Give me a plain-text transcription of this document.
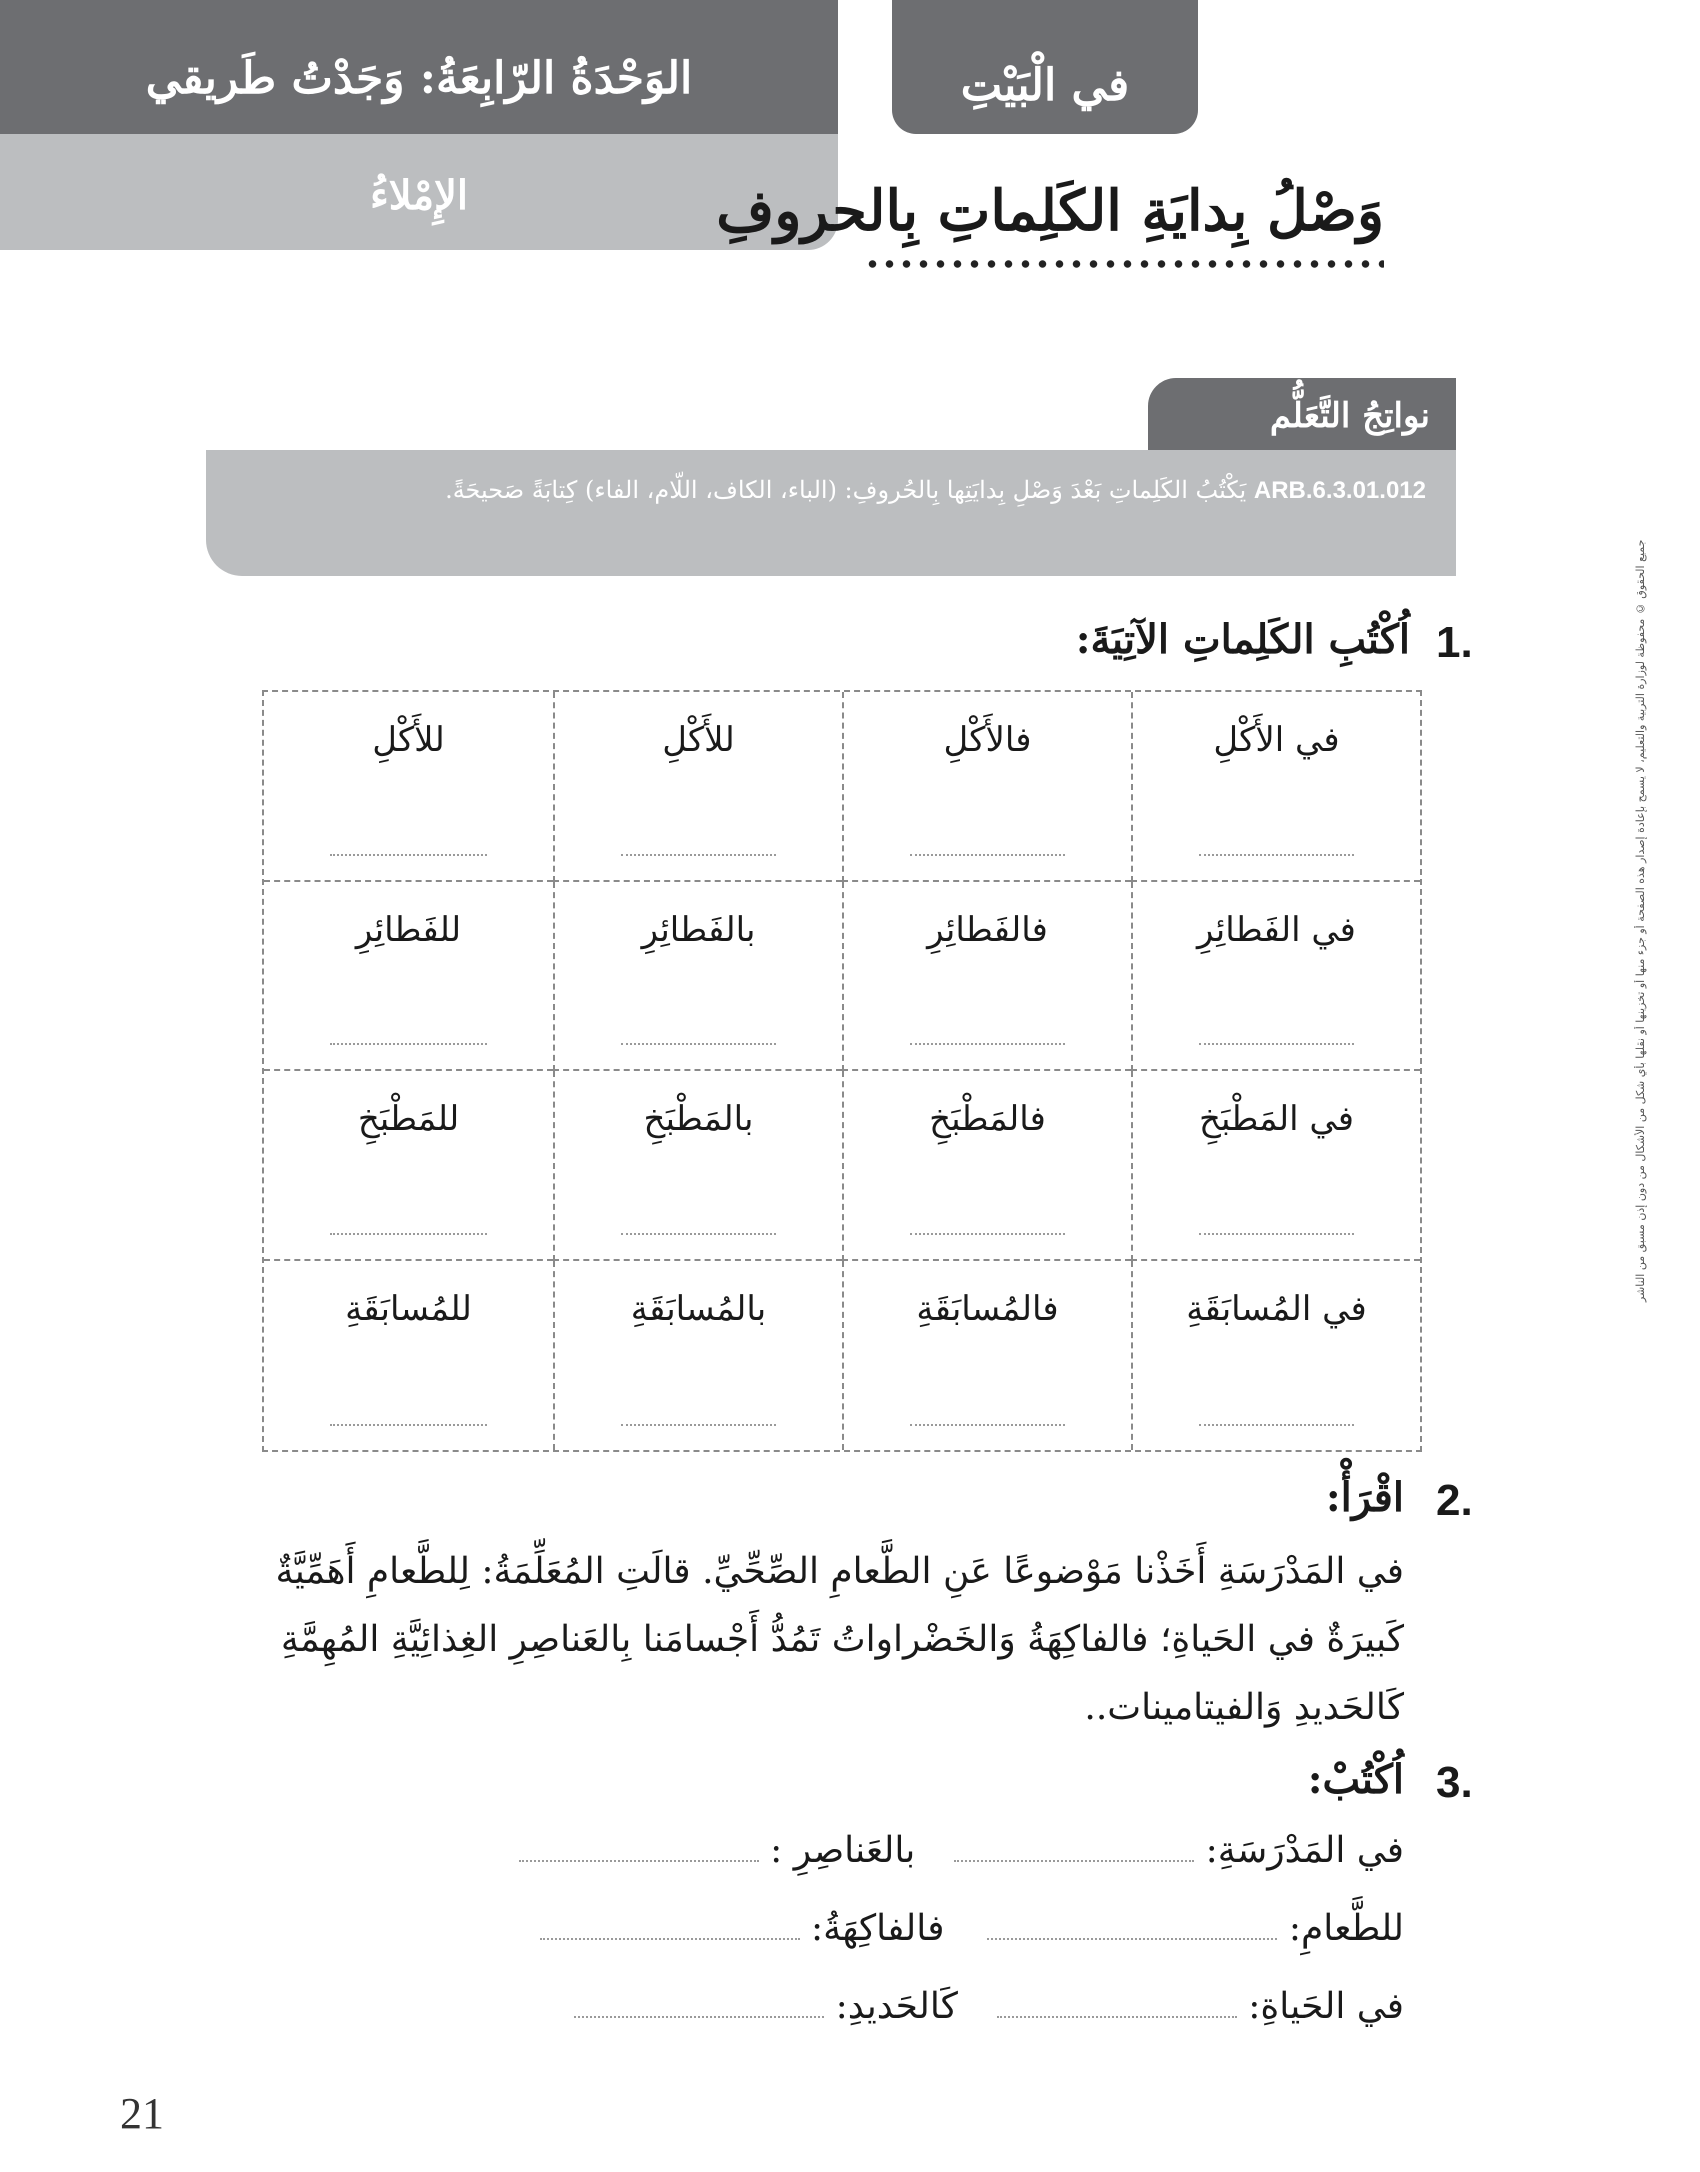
الوَحْدَةُ الرّابِعَةُ: وَجَدْتُ طَريقي
الإِمْلاءُ
في الْبَيْتِ
وَصْلُ بِدايَةِ الكَلِماتِ بِالحروفِ
نواتِجُ التَّعَلُّم
ARB.6.3.01.012 يَكْتُبُ الكَلِماتِ بَعْدَ وَصْلِ بِدايَتِها بِالحُروفِ: (الباء، الكاف، اللّام، الفاء) كِتابَةً صَحيحَةً.
1.
اُكْتُبِ الكَلِماتِ الآتِيَةَ:
في الأَكْلِ
فالأَكْلِ
للأَكْلِ
للأَكْلِ
في الفَطائِرِ
فالفَطائِرِ
بالفَطائِرِ
للفَطائِرِ
في المَطْبَخِ
فالمَطْبَخِ
بالمَطْبَخِ
للمَطْبَخِ
في المُسابَقَةِ
فالمُسابَقَةِ
بالمُسابَقَةِ
للمُسابَقَةِ
2.
اقْرَأْ:
في المَدْرَسَةِ أَخَذْنا مَوْضوعًا عَنِ الطَّعامِ الصِّحِّيِّ. قالَتِ المُعَلِّمَةُ: لِلطَّعامِ أَهَمِّيَّةٌ كَبيرَةٌ في الحَياةِ؛ فالفاكِهَةُ وَالخَضْراواتُ تَمُدُّ أَجْسامَنا بِالعَناصِرِ الغِذائِيَّةِ المُهِمَّةِ كَالحَديدِ وَالفيتامينات..
3.
اُكْتُبْ:
في المَدْرَسَةِ:   بالعَناصِرِ :
للطَّعامِ:   فالفاكِهَةُ:
في الحَياةِ:   كَالحَديدِ:
جميع الحقوق © محفوظة لوزارة التربية والتعليم، لا يسمح بإعادة إصدار هذه الصفحة أو جزء منها أو تخزينها أو نقلها بأي شكل من الأشكال من دون إذن مسبق من الناشر
21
